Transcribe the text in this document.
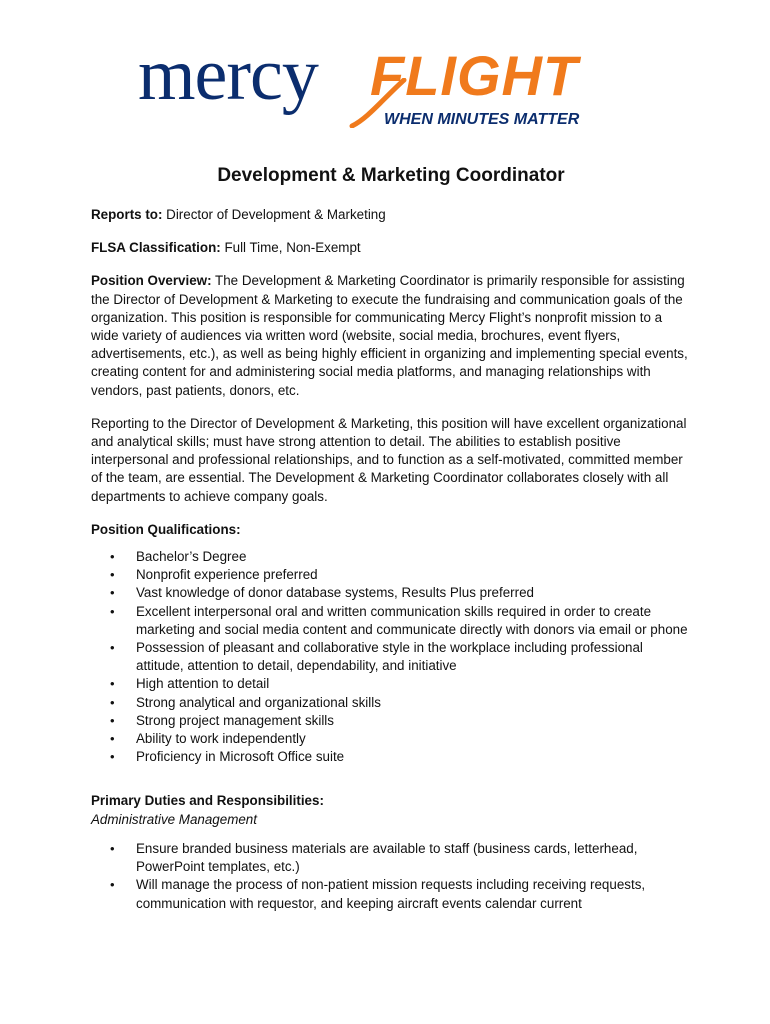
mercy FLIGHT
WHEN MINUTES MATTER
Development & Marketing Coordinator

Reports to: Director of Development & Marketing

FLSA Classification: Full Time, Non-Exempt

Position Overview: The Development & Marketing Coordinator is primarily responsible for assisting the Director of Development & Marketing to execute the fundraising and communication goals of the organization. This position is responsible for communicating Mercy Flight’s nonprofit mission to a wide variety of audiences via written word (website, social media, brochures, event flyers, advertisements, etc.), as well as being highly efficient in organizing and implementing special events, creating content for and administering social media platforms, and managing relationships with vendors, past patients, donors, etc.

Reporting to the Director of Development & Marketing, this position will have excellent organizational and analytical skills; must have strong attention to detail. The abilities to establish positive interpersonal and professional relationships, and to function as a self-motivated, committed member of the team, are essential. The Development & Marketing Coordinator collaborates closely with all departments to achieve company goals.

Position Qualifications:
• Bachelor’s Degree
• Nonprofit experience preferred
• Vast knowledge of donor database systems, Results Plus preferred
• Excellent interpersonal oral and written communication skills required in order to create marketing and social media content and communicate directly with donors via email or phone
• Possession of pleasant and collaborative style in the workplace including professional attitude, attention to detail, dependability, and initiative
• High attention to detail
• Strong analytical and organizational skills
• Strong project management skills
• Ability to work independently
• Proficiency in Microsoft Office suite
Primary Duties and Responsibilities:
Administrative Management
• Ensure branded business materials are available to staff (business cards, letterhead, PowerPoint templates, etc.)
• Will manage the process of non-patient mission requests including receiving requests, communication with requestor, and keeping aircraft events calendar current
